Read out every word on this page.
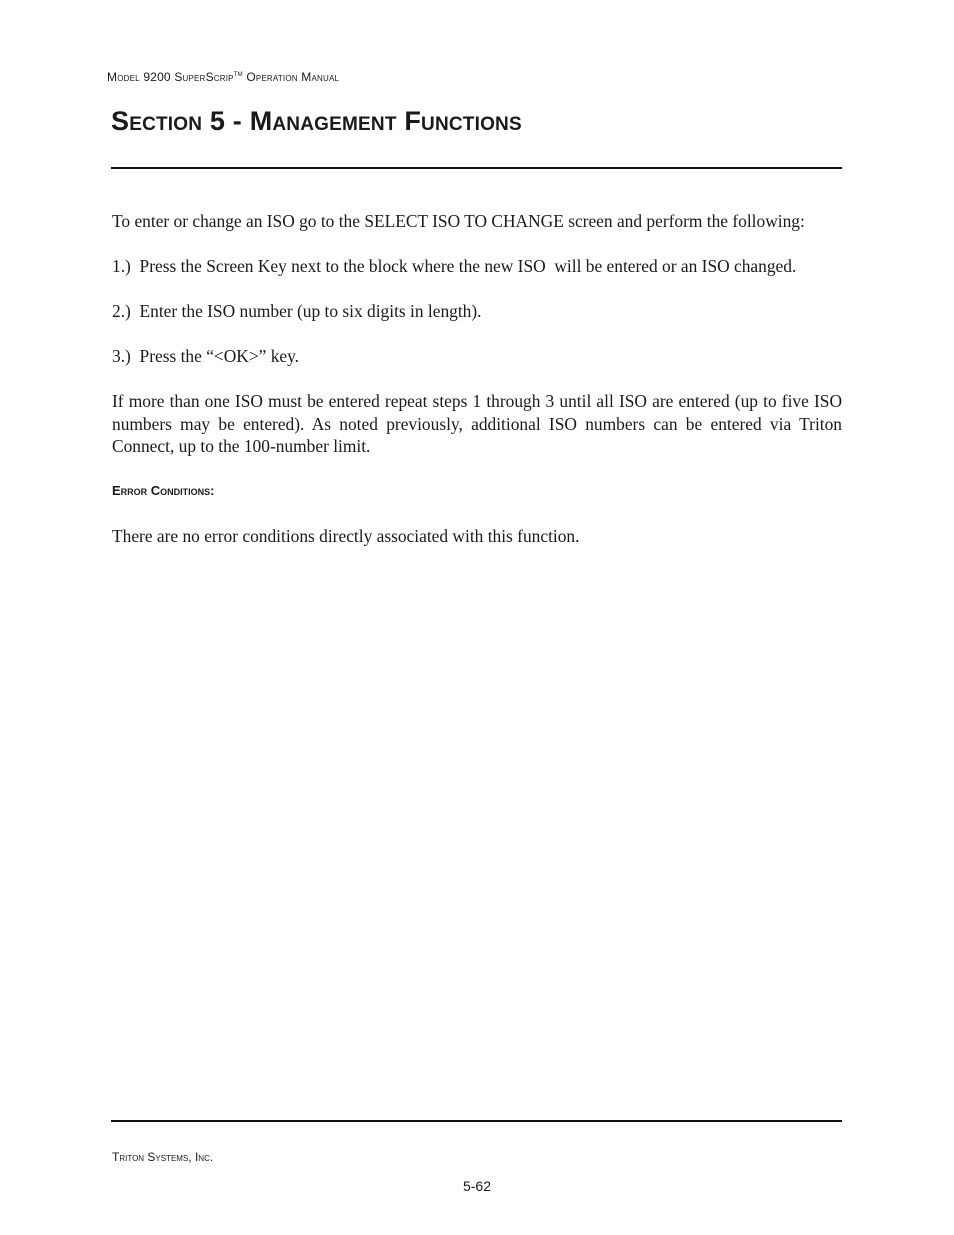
Model 9200 SuperScrip™ Operation Manual
Section 5 - Management Functions

To enter or change an ISO go to the SELECT ISO TO CHANGE screen and perform the following:

1.)  Press the Screen Key next to the block where the new ISO  will be entered or an ISO changed.

2.)  Enter the ISO number (up to six digits in length).

3.)  Press the “<OK>” key.

If more than one ISO must be entered repeat steps 1 through 3 until all ISO are entered (up to five ISO numbers may be entered). As noted previously, additional ISO numbers can be entered via Triton Connect, up to the 100-number limit.

Error Conditions:

There are no error conditions directly associated with this function.

Triton Systems, Inc.
5-62
